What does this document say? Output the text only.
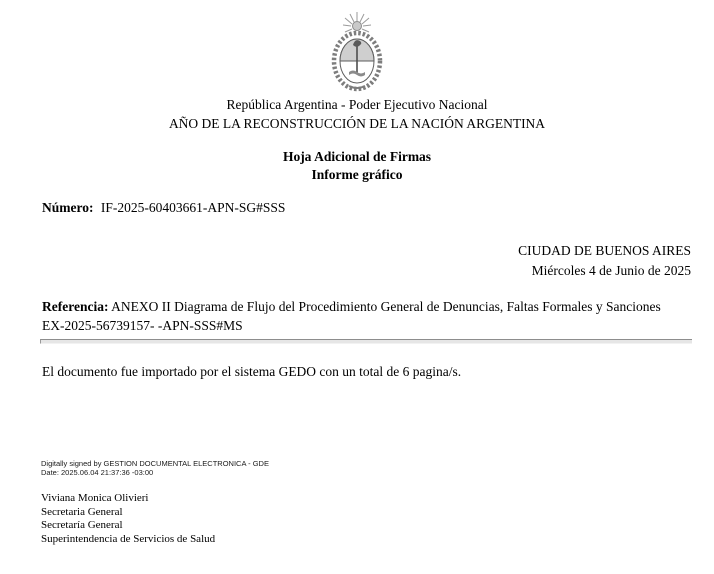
República Argentina - Poder Ejecutivo Nacional
AÑO DE LA RECONSTRUCCIÓN DE LA NACIÓN ARGENTINA
Hoja Adicional de Firmas
Informe gráfico
Número: IF-2025-60403661-APN-SG#SSS
CIUDAD DE BUENOS AIRES
Miércoles 4 de Junio de 2025
Referencia: ANEXO II Diagrama de Flujo del Procedimiento General de Denuncias, Faltas Formales y Sanciones
EX-2025-56739157- -APN-SSS#MS
El documento fue importado por el sistema GEDO con un total de 6 pagina/s.
Digitally signed by GESTION DOCUMENTAL ELECTRONICA - GDE
Date: 2025.06.04 21:37:36 -03:00
Viviana Monica Olivieri
Secretaria General
Secretaría General
Superintendencia de Servicios de Salud
